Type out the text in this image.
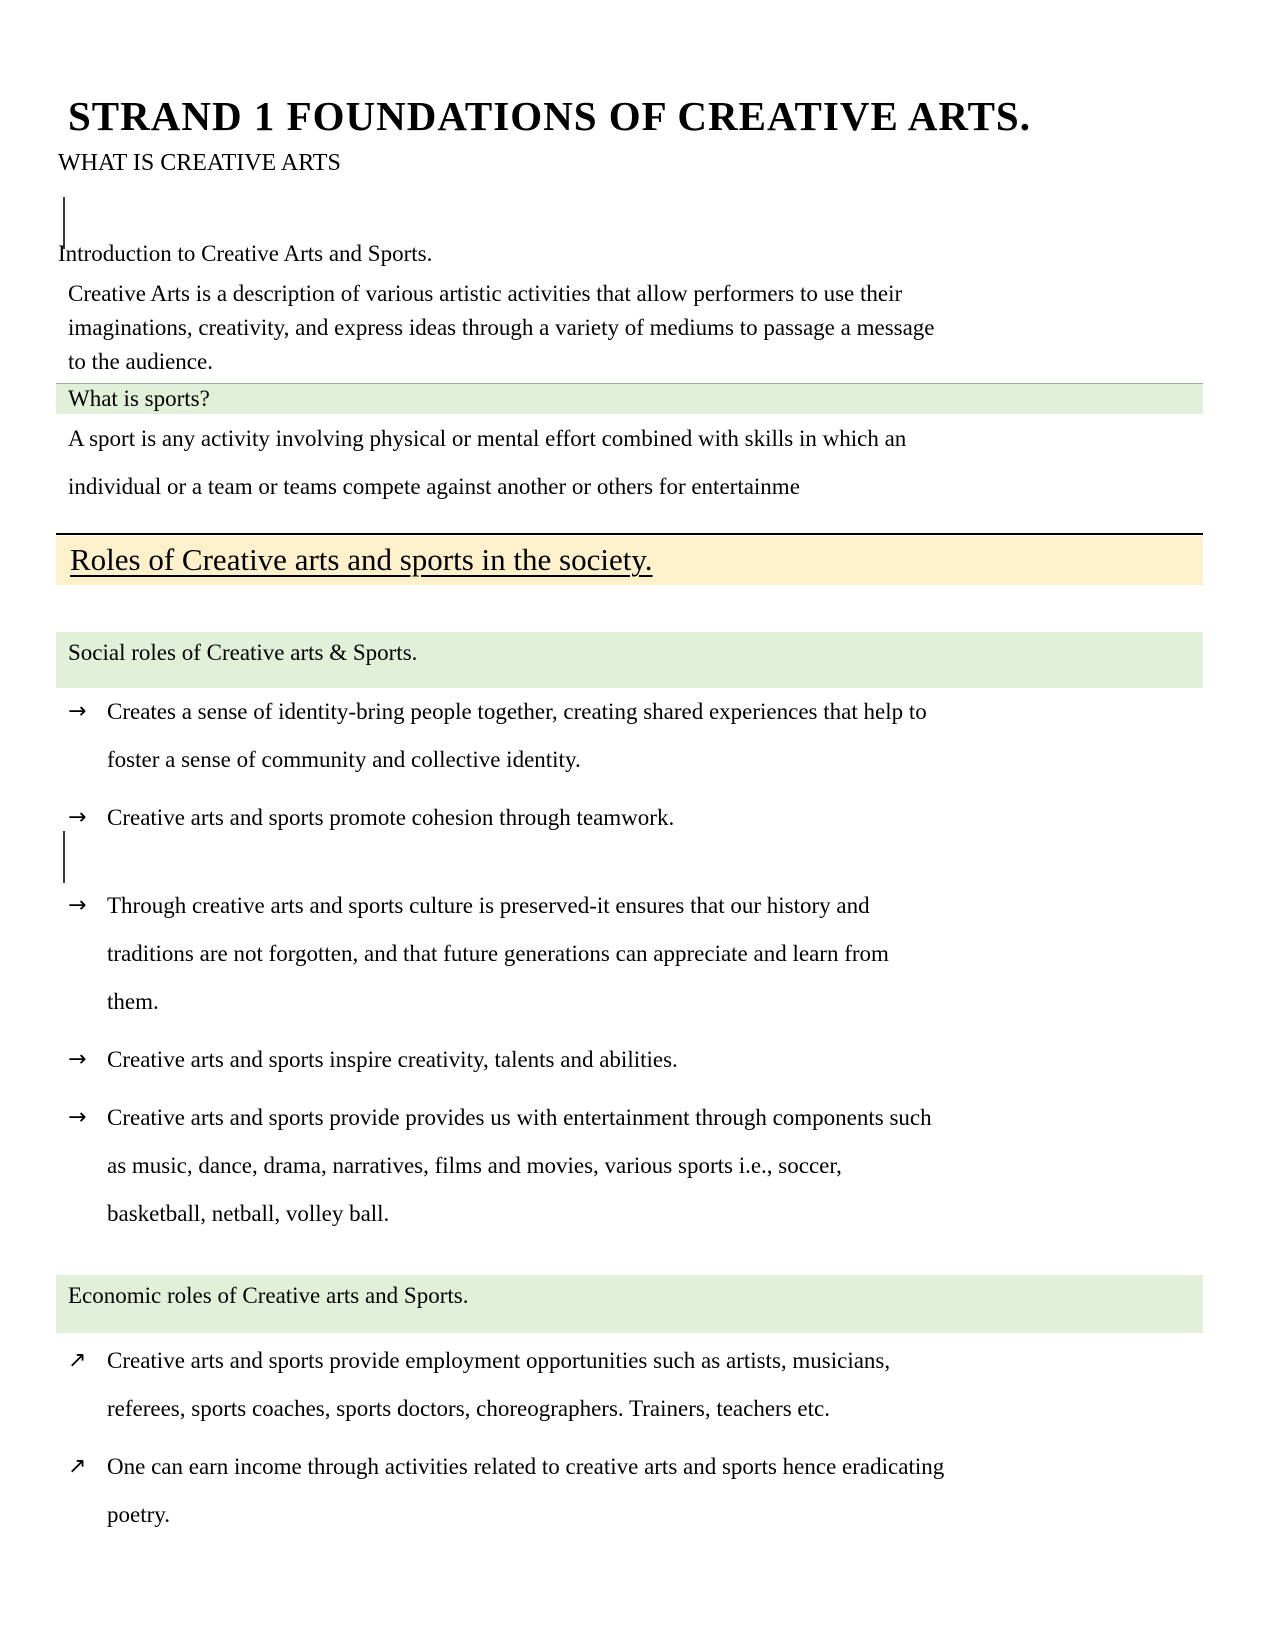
STRAND 1 FOUNDATIONS OF CREATIVE ARTS.
WHAT IS CREATIVE ARTS
Introduction to Creative Arts and Sports.
Creative Arts is a description of various artistic activities that allow performers to use their
imaginations, creativity, and express ideas through a variety of mediums to passage a message
to the audience.
What is sports?
A sport is any activity involving physical or mental effort combined with skills in which an
individual or a team or teams compete against another or others for entertainme
Roles of Creative arts and sports in the society.
Social roles of Creative arts & Sports.
→ Creates a sense of identity-bring people together, creating shared experiences that help to
foster a sense of community and collective identity.
→ Creative arts and sports promote cohesion through teamwork.
→ Through creative arts and sports culture is preserved-it ensures that our history and
traditions are not forgotten, and that future generations can appreciate and learn from
them.
→ Creative arts and sports inspire creativity, talents and abilities.
→ Creative arts and sports provide provides us with entertainment through components such
as music, dance, drama, narratives, films and movies, various sports i.e., soccer,
basketball, netball, volley ball.
Economic roles of Creative arts and Sports.
↗ Creative arts and sports provide employment opportunities such as artists, musicians,
referees, sports coaches, sports doctors, choreographers. Trainers, teachers etc.
↗ One can earn income through activities related to creative arts and sports hence eradicating
poetry.
